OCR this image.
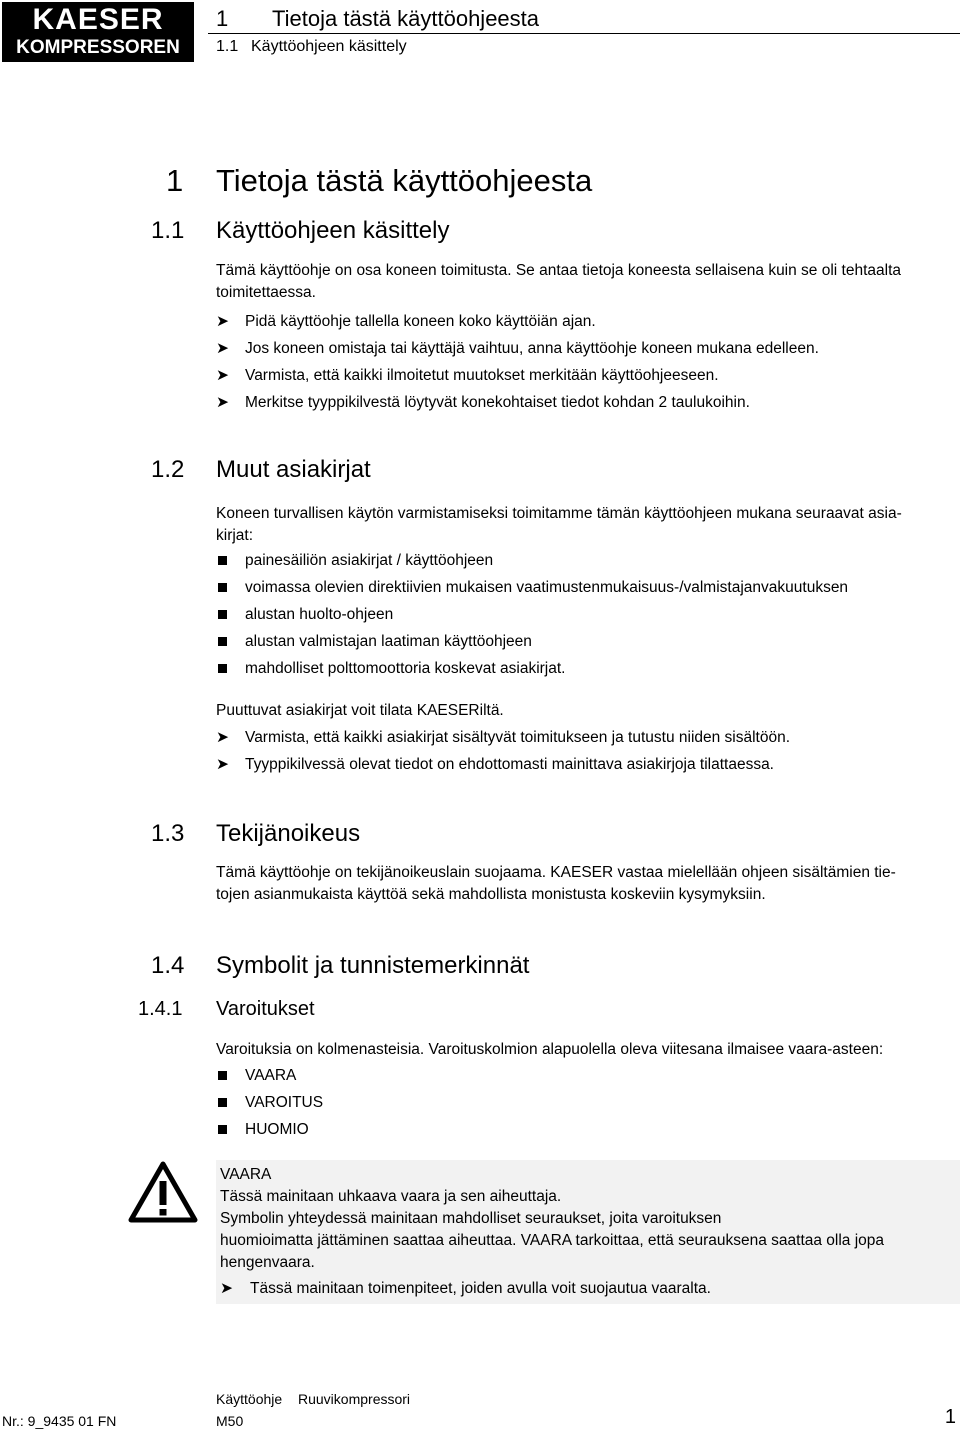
KAESER
KOMPRESSOREN
1 Tietoja tästä käyttöohjeesta
1.1 Käyttöohjeen käsittely
1 Tietoja tästä käyttöohjeesta
1.1 Käyttöohjeen käsittely
Tämä käyttöohje on osa koneen toimitusta. Se antaa tietoja koneesta sellaisena kuin se oli tehtaalta
toimitettaessa.
➤	Pidä käyttöohje tallella koneen koko käyttöiän ajan.
➤	Jos koneen omistaja tai käyttäjä vaihtuu, anna käyttöohje koneen mukana edelleen.
➤	Varmista, että kaikki ilmoitetut muutokset merkitään käyttöohjeeseen.
➤	Merkitse tyyppikilvestä löytyvät konekohtaiset tiedot kohdan 2 taulukoihin.
1.2 Muut asiakirjat
Koneen turvallisen käytön varmistamiseksi toimitamme tämän käyttöohjeen mukana seuraavat asia-
kirjat:
painesäiliön asiakirjat / käyttöohjeen
voimassa olevien direktiivien mukaisen vaatimustenmukaisuus-/valmistajanvakuutuksen
alustan huolto-ohjeen
alustan valmistajan laatiman käyttöohjeen
mahdolliset polttomoottoria koskevat asiakirjat.
Puuttuvat asiakirjat voit tilata KAESERiltä.
➤	Varmista, että kaikki asiakirjat sisältyvät toimitukseen ja tutustu niiden sisältöön.
➤	Tyyppikilvessä olevat tiedot on ehdottomasti mainittava asiakirjoja tilattaessa.
1.3 Tekijänoikeus
Tämä käyttöohje on tekijänoikeuslain suojaama. KAESER vastaa mielellään ohjeen sisältämien tie-
tojen asianmukaista käyttöä sekä mahdollista monistusta koskeviin kysymyksiin.
1.4 Symbolit ja tunnistemerkinnät
1.4.1 Varoitukset
Varoituksia on kolmenasteisia. Varoituskolmion alapuolella oleva viitesana ilmaisee vaara-asteen:
VAARA
VAROITUS
HUOMIO
VAARA
Tässä mainitaan uhkaava vaara ja sen aiheuttaja.
Symbolin yhteydessä mainitaan mahdolliset seuraukset, joita varoituksen
huomioimatta jättäminen saattaa aiheuttaa. VAARA tarkoittaa, että seurauksena saattaa olla jopa
hengenvaara.
➤ Tässä mainitaan toimenpiteet, joiden avulla voit suojautua vaaralta.
Käyttöohje Ruuvikompressori
Nr.: 9_9435 01 FN	M50	1
